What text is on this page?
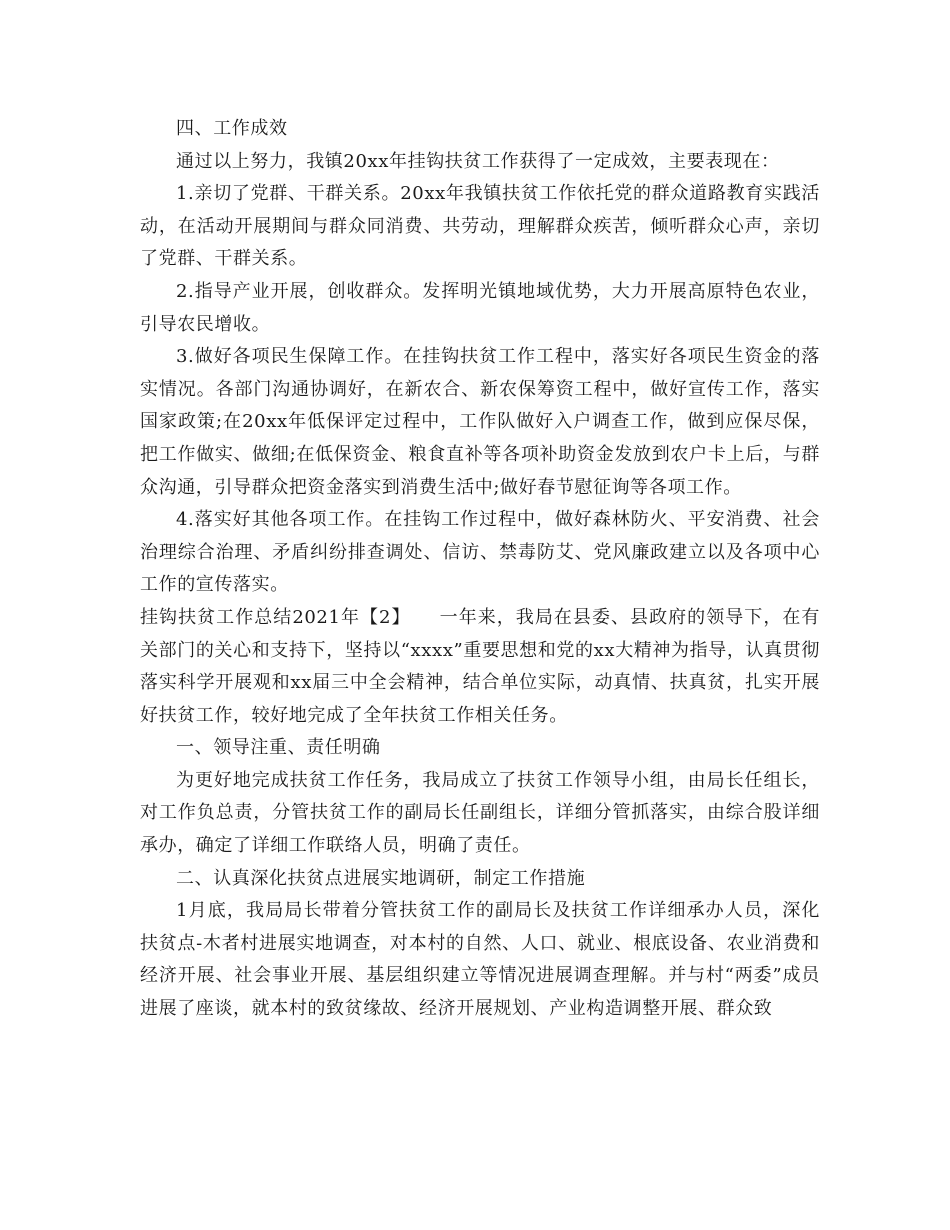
四、工作成效

通过以上努力，我镇20xx年挂钩扶贫工作获得了一定成效，主要表现在：

1.亲切了党群、干群关系。20xx年我镇扶贫工作依托党的群众道路教育实践活动，在活动开展期间与群众同消费、共劳动，理解群众疾苦，倾听群众心声，亲切了党群、干群关系。

2.指导产业开展，创收群众。发挥明光镇地域优势，大力开展高原特色农业，引导农民增收。

3.做好各项民生保障工作。在挂钩扶贫工作工程中，落实好各项民生资金的落实情况。各部门沟通协调好，在新农合、新农保筹资工程中，做好宣传工作，落实国家政策;在20xx年低保评定过程中，工作队做好入户调查工作，做到应保尽保，把工作做实、做细;在低保资金、粮食直补等各项补助资金发放到农户卡上后，与群众沟通，引导群众把资金落实到消费生活中;做好春节慰征询等各项工作。

4.落实好其他各项工作。在挂钩工作过程中，做好森林防火、平安消费、社会治理综合治理、矛盾纠纷排查调处、信访、禁毒防艾、党风廉政建立以及各项中心工作的宣传落实。

挂钩扶贫工作总结2021年【2】　　一年来，我局在县委、县政府的领导下，在有关部门的关心和支持下，坚持以“xxxx”重要思想和党的xx大精神为指导，认真贯彻落实科学开展观和xx届三中全会精神，结合单位实际，动真情、扶真贫，扎实开展好扶贫工作，较好地完成了全年扶贫工作相关任务。

一、领导注重、责任明确

为更好地完成扶贫工作任务，我局成立了扶贫工作领导小组，由局长任组长，对工作负总责，分管扶贫工作的副局长任副组长，详细分管抓落实，由综合股详细承办，确定了详细工作联络人员，明确了责任。

二、认真深化扶贫点进展实地调研，制定工作措施

1月底，我局局长带着分管扶贫工作的副局长及扶贫工作详细承办人员，深化扶贫点-木者村进展实地调查，对本村的自然、人口、就业、根底设备、农业消费和经济开展、社会事业开展、基层组织建立等情况进展调查理解。并与村“两委”成员进展了座谈，就本村的致贫缘故、经济开展规划、产业构造调整开展、群众致
